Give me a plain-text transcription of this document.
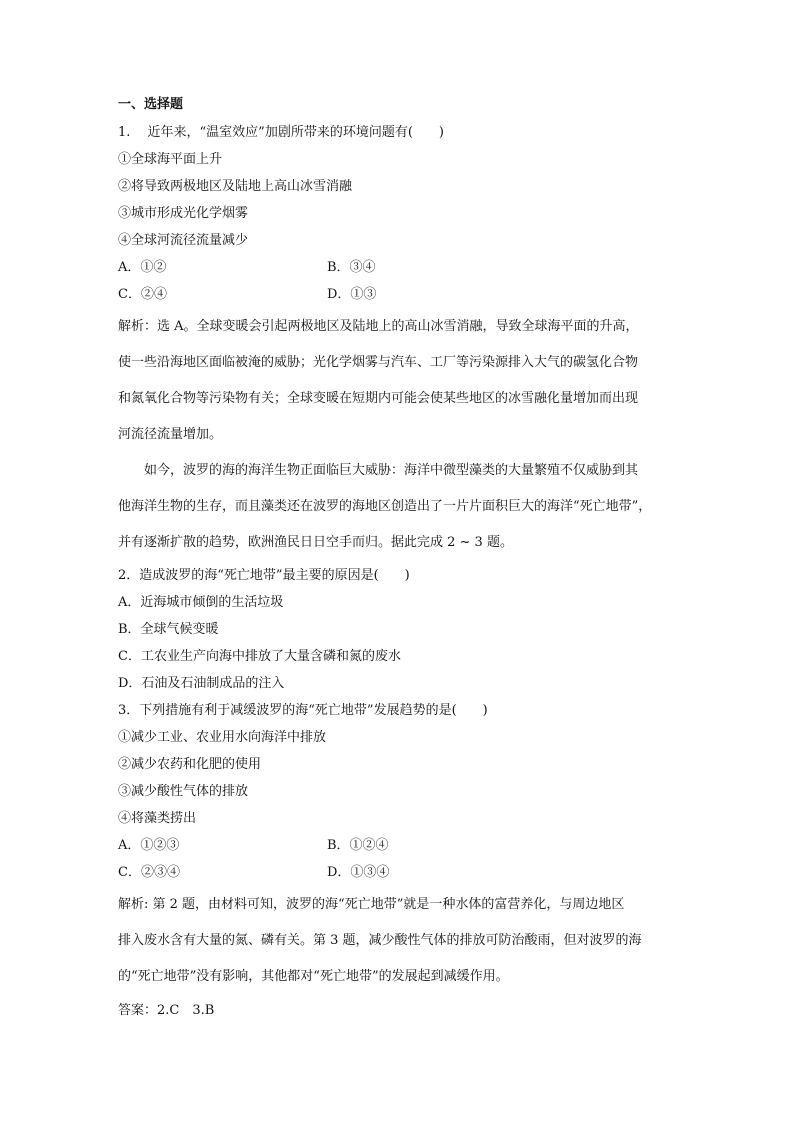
一、选择题
1.　 近年来，“温室效应”加剧所带来的环境问题有(　　)
①全球海平面上升
②将导致两极地区及陆地上高山冰雪消融
③城市形成光化学烟雾
④全球河流径流量减少
A．①②	B．③④
C．②④	D．①③
解析：选 A。全球变暖会引起两极地区及陆地上的高山冰雪消融，导致全球海平面的升高，
使一些沿海地区面临被淹的威胁；光化学烟雾与汽车、工厂等污染源排入大气的碳氢化合物
和氮氧化合物等污染物有关；全球变暖在短期内可能会使某些地区的冰雪融化量增加而出现
河流径流量增加。
　　如今，波罗的海的海洋生物正面临巨大威胁：海洋中微型藻类的大量繁殖不仅威胁到其
他海洋生物的生存，而且藻类还在波罗的海地区创造出了一片片面积巨大的海洋“死亡地带”，
并有逐渐扩散的趋势，欧洲渔民日日空手而归。据此完成 2 ~ 3 题。
2．造成波罗的海“死亡地带”最主要的原因是(　　)
A．近海城市倾倒的生活垃圾
B．全球气候变暖
C．工农业生产向海中排放了大量含磷和氮的废水
D．石油及石油制成品的注入
3．下列措施有利于减缓波罗的海“死亡地带”发展趋势的是(　　)
①减少工业、农业用水向海洋中排放
②减少农药和化肥的使用
③减少酸性气体的排放
④将藻类捞出
A．①②③	B．①②④
C．②③④	D．①③④
解析: 第 2 题，由材料可知，波罗的海“死亡地带”就是一种水体的富营养化，与周边地区
排入废水含有大量的氮、磷有关。第 3 题，减少酸性气体的排放可防治酸雨，但对波罗的海
的“死亡地带”没有影响，其他都对“死亡地带”的发展起到减缓作用。
答案：2.C　3.B
